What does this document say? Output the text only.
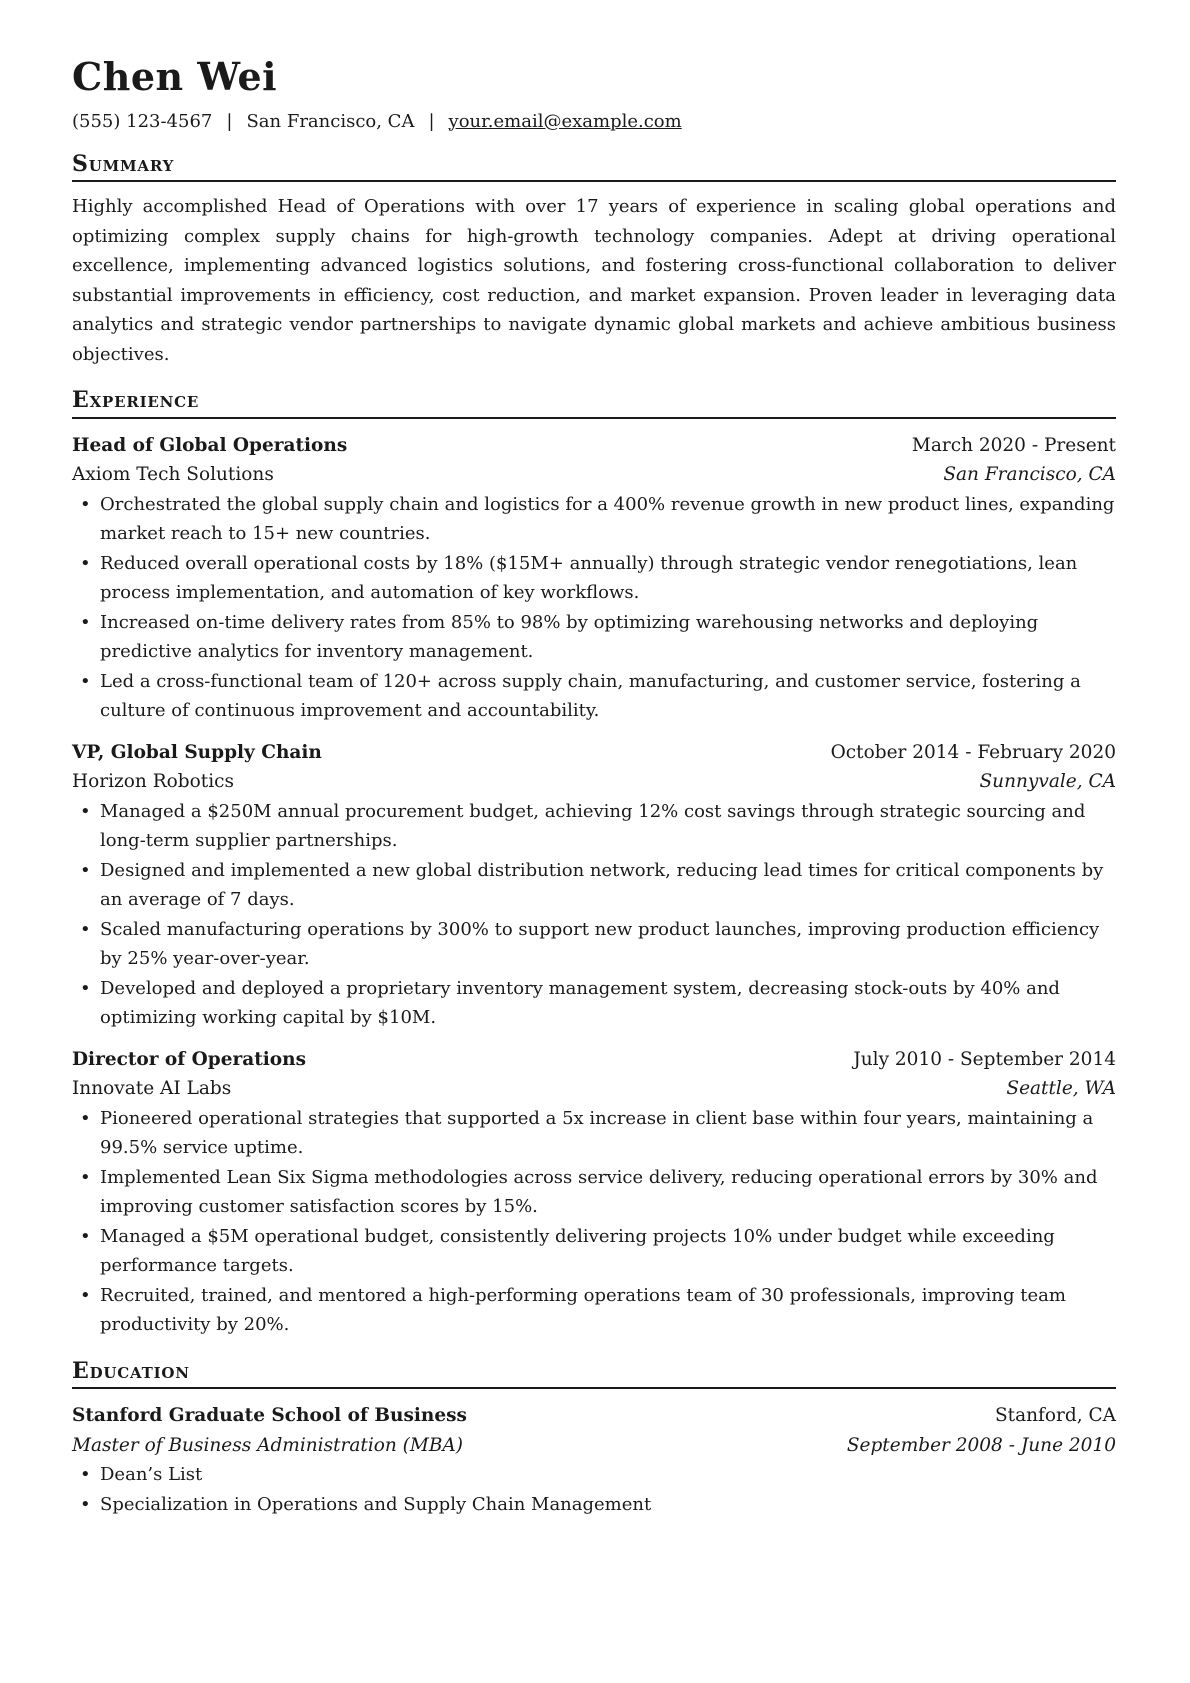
Chen Wei
(555) 123-4567 | San Francisco, CA | your.email@example.com
Summary
Highly accomplished Head of Operations with over 17 years of experience in scaling global operations and optimizing complex supply chains for high-growth technology companies. Adept at driving operational excellence, implementing advanced logistics solutions, and fostering cross-functional collaboration to deliver substantial improvements in efficiency, cost reduction, and market expansion. Proven leader in leveraging data analytics and strategic vendor partnerships to navigate dynamic global markets and achieve ambitious business objectives.
Experience
Head of Global Operations	March 2020 - Present
Axiom Tech Solutions	San Francisco, CA
• Orchestrated the global supply chain and logistics for a 400% revenue growth in new product lines, expanding market reach to 15+ new countries.
• Reduced overall operational costs by 18% ($15M+ annually) through strategic vendor renegotiations, lean process implementation, and automation of key workflows.
• Increased on-time delivery rates from 85% to 98% by optimizing warehousing networks and deploying predictive analytics for inventory management.
• Led a cross-functional team of 120+ across supply chain, manufacturing, and customer service, fostering a culture of continuous improvement and accountability.
VP, Global Supply Chain	October 2014 - February 2020
Horizon Robotics	Sunnyvale, CA
• Managed a $250M annual procurement budget, achieving 12% cost savings through strategic sourcing and long-term supplier partnerships.
• Designed and implemented a new global distribution network, reducing lead times for critical components by an average of 7 days.
• Scaled manufacturing operations by 300% to support new product launches, improving production efficiency by 25% year-over-year.
• Developed and deployed a proprietary inventory management system, decreasing stock-outs by 40% and optimizing working capital by $10M.
Director of Operations	July 2010 - September 2014
Innovate AI Labs	Seattle, WA
• Pioneered operational strategies that supported a 5x increase in client base within four years, maintaining a 99.5% service uptime.
• Implemented Lean Six Sigma methodologies across service delivery, reducing operational errors by 30% and improving customer satisfaction scores by 15%.
• Managed a $5M operational budget, consistently delivering projects 10% under budget while exceeding performance targets.
• Recruited, trained, and mentored a high-performing operations team of 30 professionals, improving team productivity by 20%.
Education
Stanford Graduate School of Business	Stanford, CA
Master of Business Administration (MBA)	September 2008 - June 2010
• Dean’s List
• Specialization in Operations and Supply Chain Management
